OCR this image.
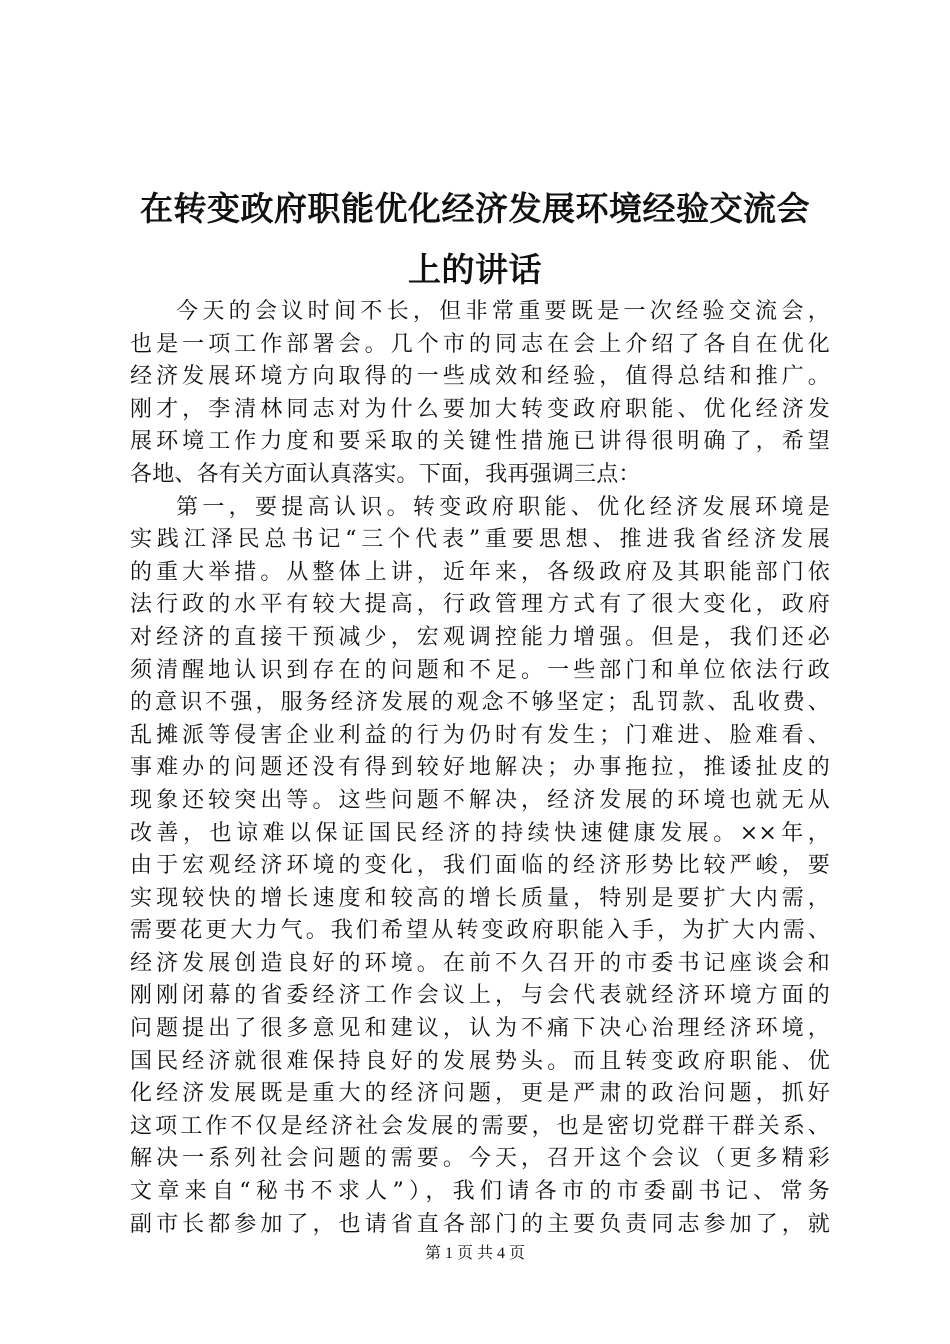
在转变政府职能优化经济发展环境经验交流会
上的讲话
今天的会议时间不长，但非常重要既是一次经验交流会，
也是一项工作部署会。几个市的同志在会上介绍了各自在优化
经济发展环境方向取得的一些成效和经验，值得总结和推广。
刚才，李清林同志对为什么要加大转变政府职能、优化经济发
展环境工作力度和要采取的关键性措施已讲得很明确了，希望
各地、各有关方面认真落实。下面，我再强调三点：
第一，要提高认识。转变政府职能、优化经济发展环境是
实践江泽民总书记“三个代表”重要思想、推进我省经济发展
的重大举措。从整体上讲，近年来，各级政府及其职能部门依
法行政的水平有较大提高，行政管理方式有了很大变化，政府
对经济的直接干预减少，宏观调控能力增强。但是，我们还必
须清醒地认识到存在的问题和不足。一些部门和单位依法行政
的意识不强，服务经济发展的观念不够坚定；乱罚款、乱收费、
乱摊派等侵害企业利益的行为仍时有发生；门难进、脸难看、
事难办的问题还没有得到较好地解决；办事拖拉，推诿扯皮的
现象还较突出等。这些问题不解决，经济发展的环境也就无从
改善，也谅难以保证国民经济的持续快速健康发展。××年，
由于宏观经济环境的变化，我们面临的经济形势比较严峻，要
实现较快的增长速度和较高的增长质量，特别是要扩大内需，
需要花更大力气。我们希望从转变政府职能入手，为扩大内需、
经济发展创造良好的环境。在前不久召开的市委书记座谈会和
刚刚闭幕的省委经济工作会议上，与会代表就经济环境方面的
问题提出了很多意见和建议，认为不痛下决心治理经济环境，
国民经济就很难保持良好的发展势头。而且转变政府职能、优
化经济发展既是重大的经济问题，更是严肃的政治问题，抓好
这项工作不仅是经济社会发展的需要，也是密切党群干群关系、
解决一系列社会问题的需要。今天，召开这个会议（更多精彩
文章来自“秘书不求人”），我们请各市的市委副书记、常务
副市长都参加了，也请省直各部门的主要负责同志参加了，就
第 1 页 共 4 页
